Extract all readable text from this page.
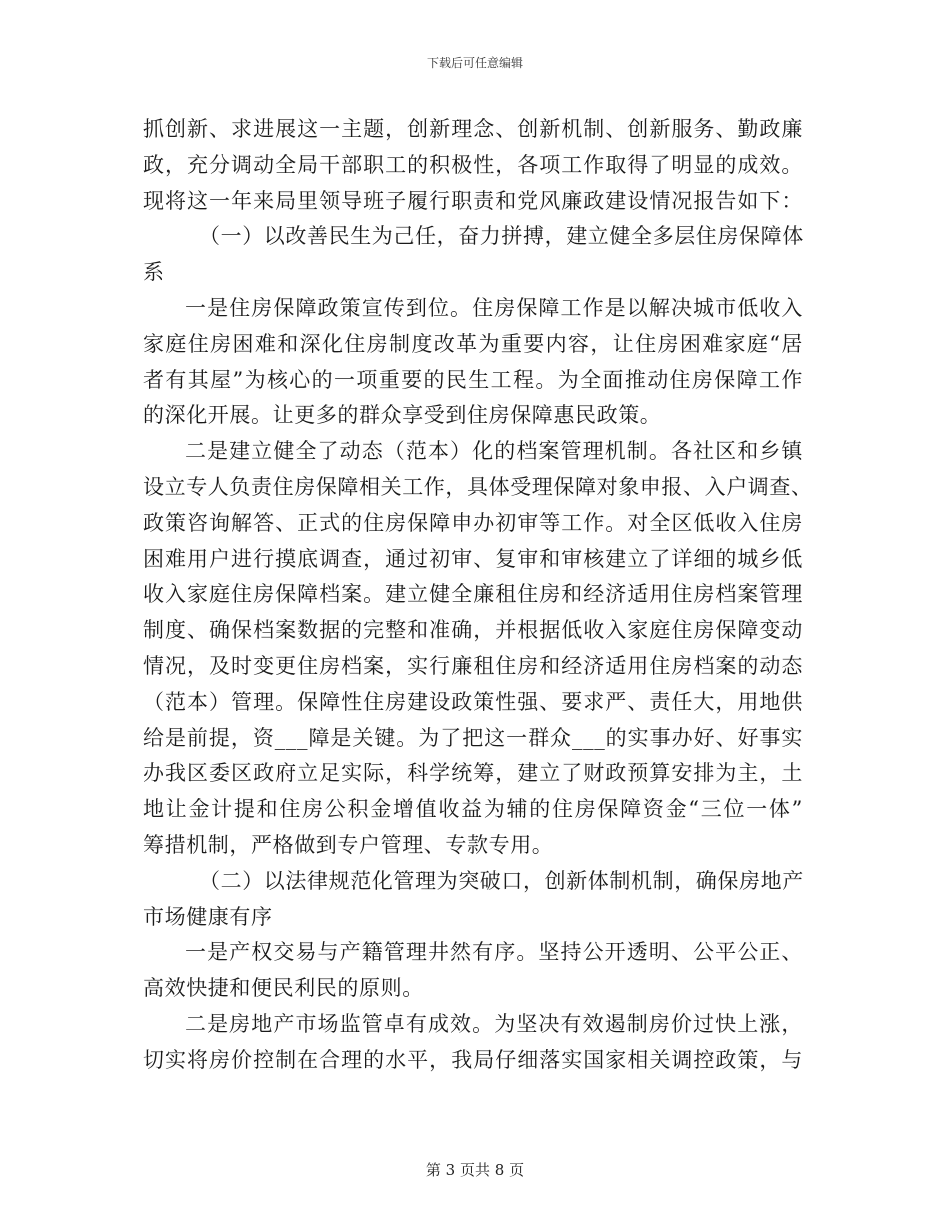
下载后可任意编辑
抓创新、求进展这一主题，创新理念、创新机制、创新服务、勤政廉
政，充分调动全局干部职工的积极性，各项工作取得了明显的成效。
现将这一年来局里领导班子履行职责和党风廉政建设情况报告如下：
（一）以改善民生为己任，奋力拼搏，建立健全多层住房保障体
系
一是住房保障政策宣传到位。住房保障工作是以解决城市低收入
家庭住房困难和深化住房制度改革为重要内容，让住房困难家庭“居
者有其屋”为核心的一项重要的民生工程。为全面推动住房保障工作
的深化开展。让更多的群众享受到住房保障惠民政策。
二是建立健全了动态（范本）化的档案管理机制。各社区和乡镇
设立专人负责住房保障相关工作，具体受理保障对象申报、入户调查、
政策咨询解答、正式的住房保障申办初审等工作。对全区低收入住房
困难用户进行摸底调查，通过初审、复审和审核建立了详细的城乡低
收入家庭住房保障档案。建立健全廉租住房和经济适用住房档案管理
制度、确保档案数据的完整和准确，并根据低收入家庭住房保障变动
情况，及时变更住房档案，实行廉租住房和经济适用住房档案的动态
（范本）管理。保障性住房建设政策性强、要求严、责任大，用地供
给是前提，资___障是关键。为了把这一群众___的实事办好、好事实
办我区委区政府立足实际，科学统筹，建立了财政预算安排为主，土
地让金计提和住房公积金增值收益为辅的住房保障资金“三位一体”
筹措机制，严格做到专户管理、专款专用。
（二）以法律规范化管理为突破口，创新体制机制，确保房地产
市场健康有序
一是产权交易与产籍管理井然有序。坚持公开透明、公平公正、
高效快捷和便民利民的原则。
二是房地产市场监管卓有成效。为坚决有效遏制房价过快上涨，
切实将房价控制在合理的水平，我局仔细落实国家相关调控政策，与
第 3 页共 8 页
